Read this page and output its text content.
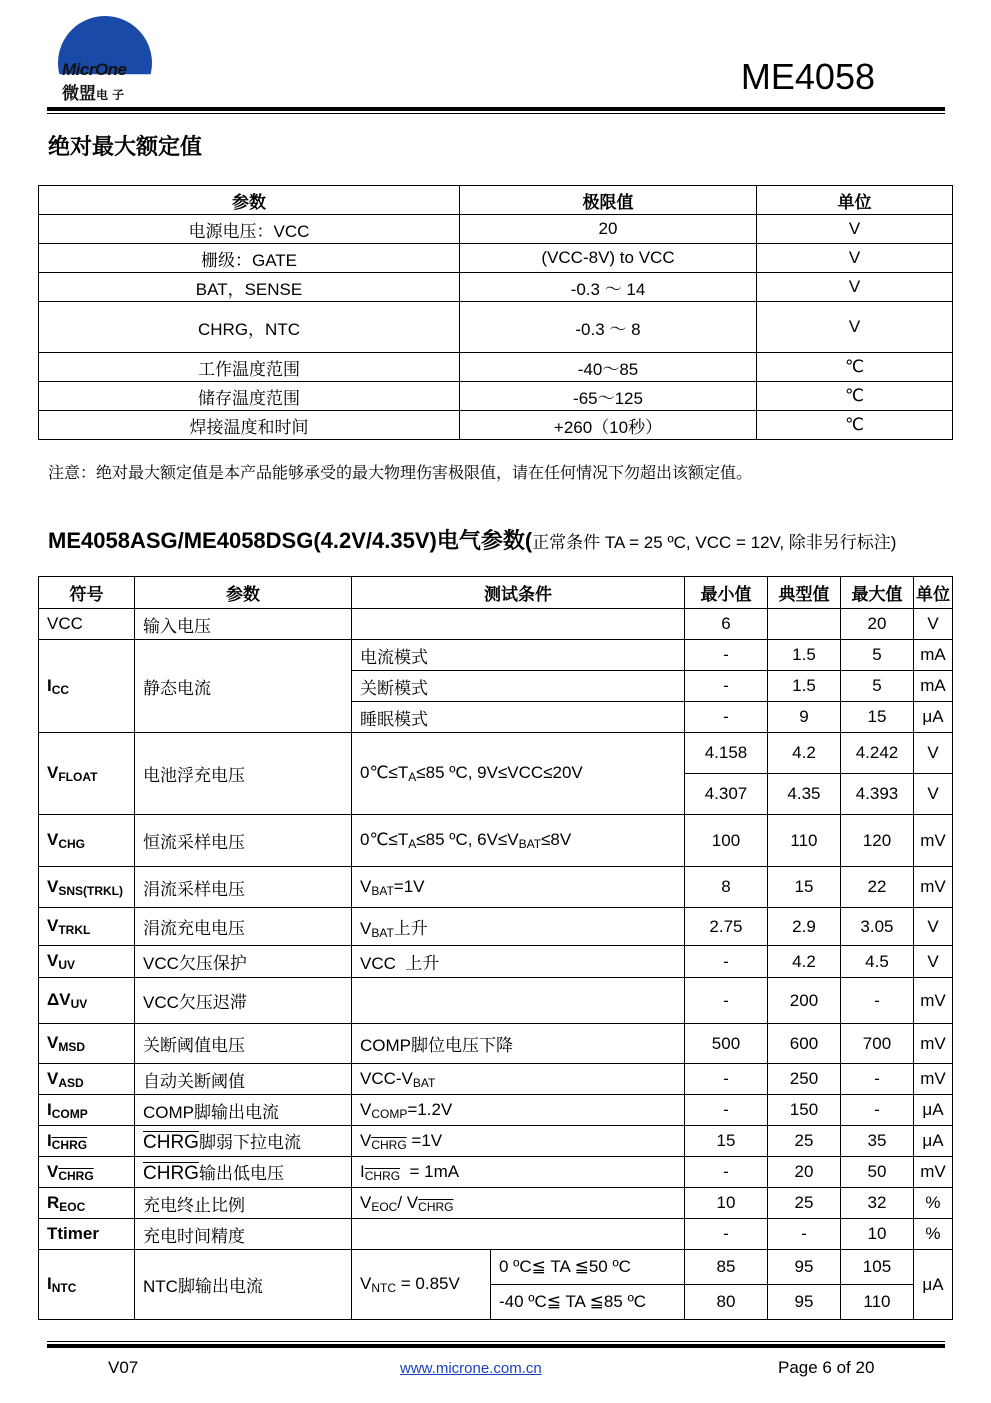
MicrOne
微盟电 子	ME4058
绝对最大额定值
参数	极限值	单位
电源电压：VCC	20	V
栅级：GATE	(VCC-8V) to VCC	V
BAT，SENSE	-0.3 ～ 14	V
CHRG，NTC	-0.3 ～ 8	V
工作温度范围	-40～85	℃
储存温度范围	-65～125	℃
焊接温度和时间	+260（10秒）	℃
注意：绝对最大额定值是本产品能够承受的最大物理伤害极限值，请在任何情况下勿超出该额定值。
ME4058ASG/ME4058DSG(4.2V/4.35V)电气参数(正常条件 TA = 25 ºC, VCC = 12V, 除非另行标注)
符号	参数	测试条件		最小值	典型值	最大值	单位
VCC	输入电压			6		20	V
$I_{CC}$	静态电流	电流模式		-	1.5	5	mA
		关断模式		-	1.5	5	mA
		睡眠模式		-	9	15	μA
$V_{FLOAT}$	电池浮充电压	$0℃\le T_A\le 85$ ºC, 9V≤VCC≤20V		4.158	4.2	4.242	V
				4.307	4.35	4.393	V
$V_{CHG}$	恒流采样电压	$0℃\le T_A\le 85$ ºC, $6V\le V_{BAT}\le 8V$		100	110	120	mV
$V_{SNS(TRKL)}$	涓流采样电压	$V_{BAT}=1V$		8	15	22	mV
$V_{TRKL}$	涓流充电电压	$V_{BAT}$上升		2.75	2.9	3.05	V
$V_{UV}$	VCC欠压保护	VCC  上升		-	4.2	4.5	V
$\Delta V_{UV}$	VCC欠压迟滞			-	200	-	mV
$V_{MSD}$	关断阈值电压	COMP脚位电压下降		500	600	700	mV
$V_{ASD}$	自动关断阈值	VCC-$V_{BAT}$		-	250	-	mV
$I_{COMP}$	COMP脚输出电流	$V_{COMP}=1.2V$		-	150	-	μA
$I_{CHRG}$	CHRG脚弱下拉电流	$V_{CHRG} =1V$		15	25	35	μA
$V_{CHRG}$	CHRG输出低电压	$I_{CHRG} = 1mA$		-	20	50	mV
$R_{EOC}$	充电终止比例	$V_{EOC}/$ $V_{CHRG}$		10	25	32	%
Ttimer	充电时间精度			-	-	10	%
$I_{NTC}$	NTC脚输出电流	$V_{NTC} = 0.85V$	0 ºC≦ TA ≦50 ºC	85	95	105	μA
			-40 ºC≦ TA ≦85 ºC	80	95	110	
V07	www.microne.com.cn	Page 6 of 20
